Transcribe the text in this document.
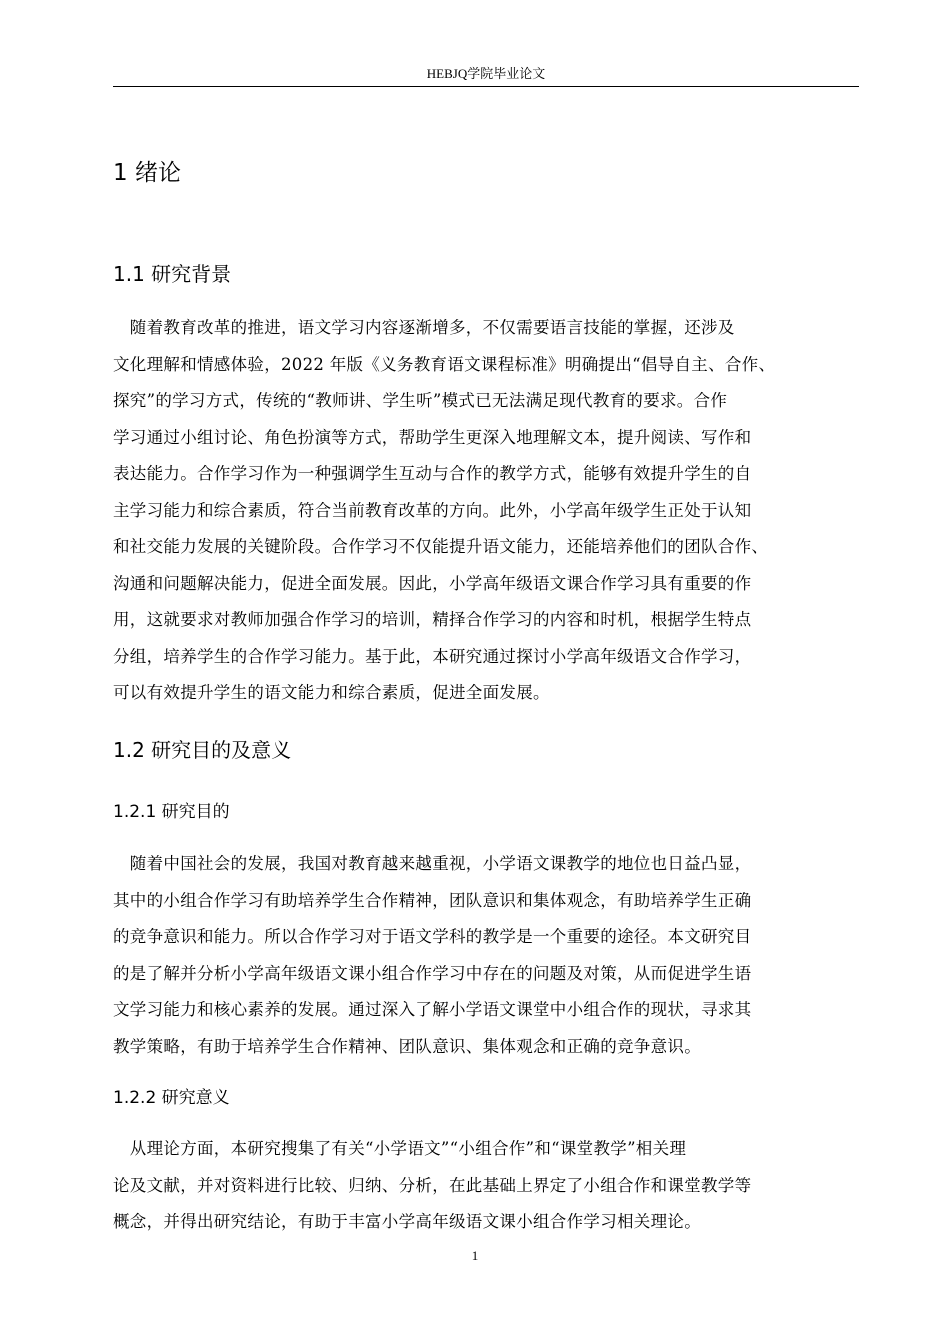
HEBJQ学院毕业论文
1 绪论
1.1 研究背景
　随着教育改革的推进，语文学习内容逐渐增多，不仅需要语言技能的掌握，还涉及
文化理解和情感体验，2022 年版《义务教育语文课程标准》明确提出“倡导自主、合作、
探究”的学习方式，传统的“教师讲、学生听”模式已无法满足现代教育的要求。合作
学习通过小组讨论、角色扮演等方式，帮助学生更深入地理解文本，提升阅读、写作和
表达能力。合作学习作为一种强调学生互动与合作的教学方式，能够有效提升学生的自
主学习能力和综合素质，符合当前教育改革的方向。此外，小学高年级学生正处于认知
和社交能力发展的关键阶段。合作学习不仅能提升语文能力，还能培养他们的团队合作、
沟通和问题解决能力，促进全面发展。因此，小学高年级语文课合作学习具有重要的作
用，这就要求对教师加强合作学习的培训，精择合作学习的内容和时机，根据学生特点
分组，培养学生的合作学习能力。基于此，本研究通过探讨小学高年级语文合作学习，
可以有效提升学生的语文能力和综合素质，促进全面发展。
1.2 研究目的及意义
1.2.1 研究目的
　随着中国社会的发展，我国对教育越来越重视，小学语文课教学的地位也日益凸显，
其中的小组合作学习有助培养学生合作精神，团队意识和集体观念，有助培养学生正确
的竞争意识和能力。所以合作学习对于语文学科的教学是一个重要的途径。本文研究目
的是了解并分析小学高年级语文课小组合作学习中存在的问题及对策，从而促进学生语
文学习能力和核心素养的发展。通过深入了解小学语文课堂中小组合作的现状，寻求其
教学策略，有助于培养学生合作精神、团队意识、集体观念和正确的竞争意识。
1.2.2 研究意义
　从理论方面，本研究搜集了有关“小学语文”“小组合作”和“课堂教学”相关理
论及文献，并对资料进行比较、归纳、分析，在此基础上界定了小组合作和课堂教学等
概念，并得出研究结论，有助于丰富小学高年级语文课小组合作学习相关理论。
1
